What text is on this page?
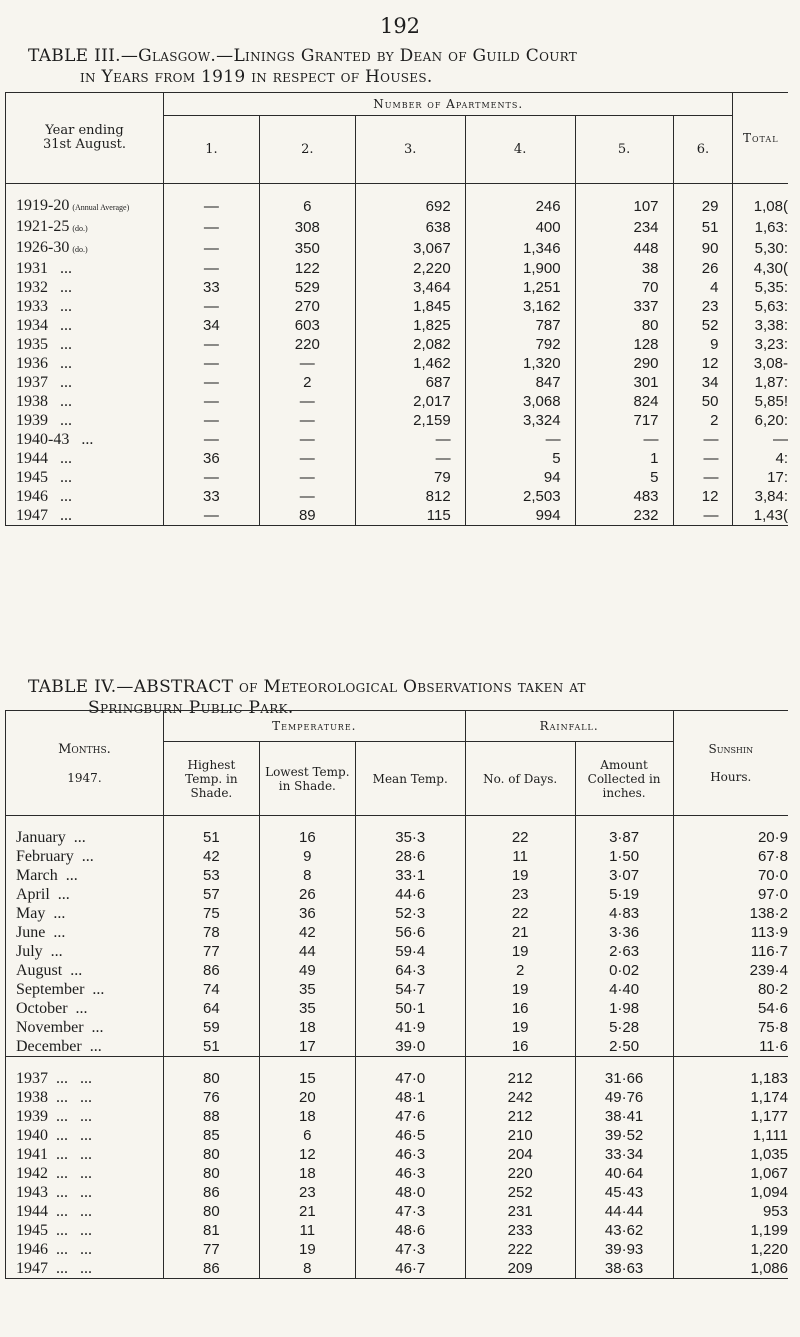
192
TABLE III.—Glasgow.—Linings Granted by Dean of Guild Court
in Years from 1919 in respect of Houses.
Year ending
31st August.	Number of Apartments.						Total
	1.	2.	3.	4.	5.	6.	

1919-20 (Annual Average)	—	6	692	246	107	29	1,08(
1921-25 (do.)	—	308	638	400	234	51	1,63:
1926-30 (do.)	—	350	3,067	1,346	448	90	5,30:
1931   ...	—	122	2,220	1,900	38	26	4,30(
1932   ...	33	529	3,464	1,251	70	4	5,35:
1933   ...	—	270	1,845	3,162	337	23	5,63:
1934   ...	34	603	1,825	787	80	52	3,38:
1935   ...	—	220	2,082	792	128	9	3,23:
1936   ...	—	—	1,462	1,320	290	12	3,08-
1937   ...	—	2	687	847	301	34	1,87:
1938   ...	—	—	2,017	3,068	824	50	5,85!
1939   ...	—	—	2,159	3,324	717	2	6,20:
1940-43   ...	—	—	—	—	—	—	—
1944   ...	36	—	—	5	1	—	4:
1945   ...	—	—	79	94	5	—	17:
1946   ...	33	—	812	2,503	483	12	3,84:
1947   ...	—	89	115	994	232	—	1,43(
TABLE IV.—ABSTRACT of Meteorological Observations taken at
Springburn Public Park.
Months.

1947.	Temperature.			Rainfall.		Sunshin

Hours.
	Highest Temp. in Shade.	Lowest Temp. in Shade.	Mean Temp.	No. of Days.	Amount Collected in inches.	

January  ...	51	16	35·3	22	3·87	20·9
February  ...	42	9	28·6	11	1·50	67·8
March  ...	53	8	33·1	19	3·07	70·0
April  ...	57	26	44·6	23	5·19	97·0
May  ...	75	36	52·3	22	4·83	138·2
June  ...	78	42	56·6	21	3·36	113·9
July  ...	77	44	59·4	19	2·63	116·7
August  ...	86	49	64·3	2	0·02	239·4
September  ...	74	35	54·7	19	4·40	80·2
October  ...	64	35	50·1	16	1·98	54·6
November  ...	59	18	41·9	19	5·28	75·8
December  ...	51	17	39·0	16	2·50	11·6

1937  ...   ...	80	15	47·0	212	31·66	1,183
1938  ...   ...	76	20	48·1	242	49·76	1,174
1939  ...   ...	88	18	47·6	212	38·41	1,177
1940  ...   ...	85	6	46·5	210	39·52	1,111
1941  ...   ...	80	12	46·3	204	33·34	1,035
1942  ...   ...	80	18	46·3	220	40·64	1,067
1943  ...   ...	86	23	48·0	252	45·43	1,094
1944  ...   ...	80	21	47·3	231	44·44	953
1945  ...   ...	81	11	48·6	233	43·62	1,199
1946  ...   ...	77	19	47·3	222	39·93	1,220
1947  ...   ...	86	8	46·7	209	38·63	1,086
